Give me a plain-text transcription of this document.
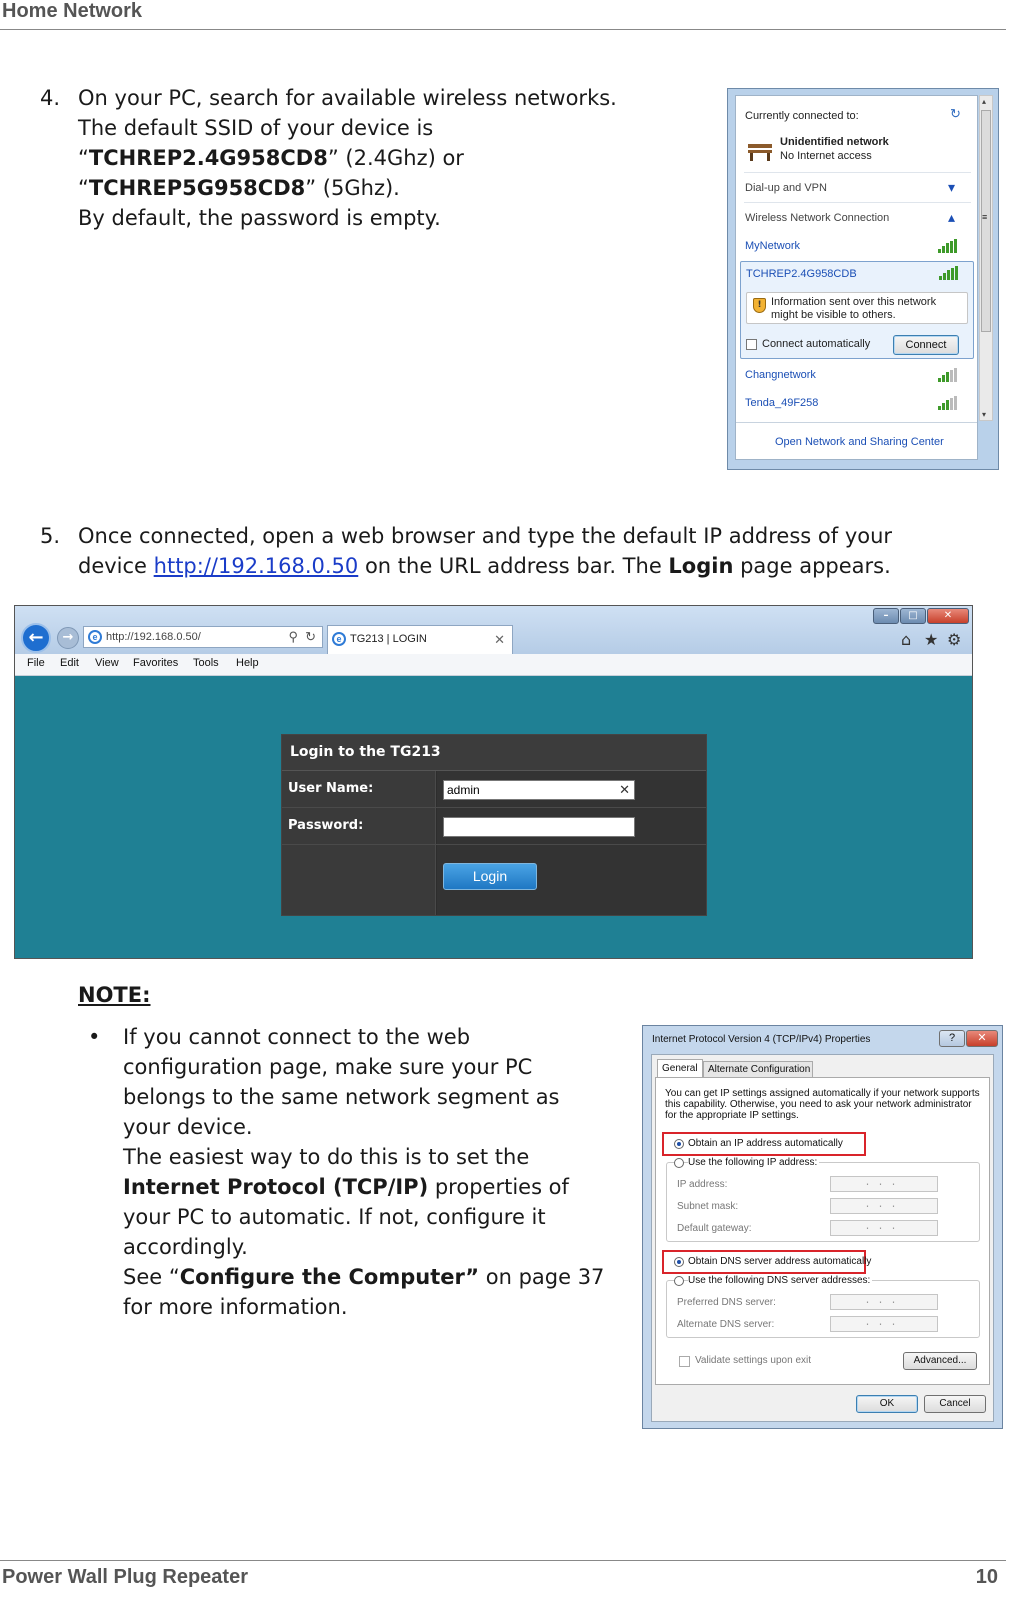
Home Network
4. On your PC, search for available wireless networks.
The default SSID of your device is
“TCHREP2.4G958CD8” (2.4Ghz) or
“TCHREP5G958CD8” (5Ghz).
By default, the password is empty.
Currently connected to:
Unidentified network
No Internet access
↻
Dial-up and VPN	▾
Wireless Network Connection	▴
MyNetwork
TCHREP2.4G958CDB
! Information sent over this network
might be visible to others.
Connect automatically	Connect
Changnetwork
Tenda_49F258
Open Network and Sharing Center
▴
≡
▾
5. Once connected, open a web browser and type the default IP address of your
device http://192.168.0.50 on the URL address bar. The Login page appears.
←	→	e http://192.168.0.50/	⚲ ↻	e TG213 | LOGIN	✕
–	□	✕
⌂ ★ ⚙
File Edit View Favorites Tools Help
Login to the TG213
User Name:	admin	✕
Password:
Login
NOTE:
• If you cannot connect to the web
configuration page, make sure your PC
belongs to the same network segment as
your device.
The easiest way to do this is to set the
Internet Protocol (TCP/IP) properties of
your PC to automatic. If not, configure it
accordingly.
See “Configure the Computer” on page 37
for more information.
Internet Protocol Version 4 (TCP/IPv4) Properties	?	✕
General Alternate Configuration
You can get IP settings assigned automatically if your network supports
this capability. Otherwise, you need to ask your network administrator
for the appropriate IP settings.
Obtain an IP address automatically
Use the following IP address:
IP address:	...
Subnet mask:	...
Default gateway:	...
Obtain DNS server address automatically
Use the following DNS server addresses:
Preferred DNS server:	...
Alternate DNS server:	...
Validate settings upon exit	Advanced...
OK	Cancel
Power Wall Plug Repeater	10
